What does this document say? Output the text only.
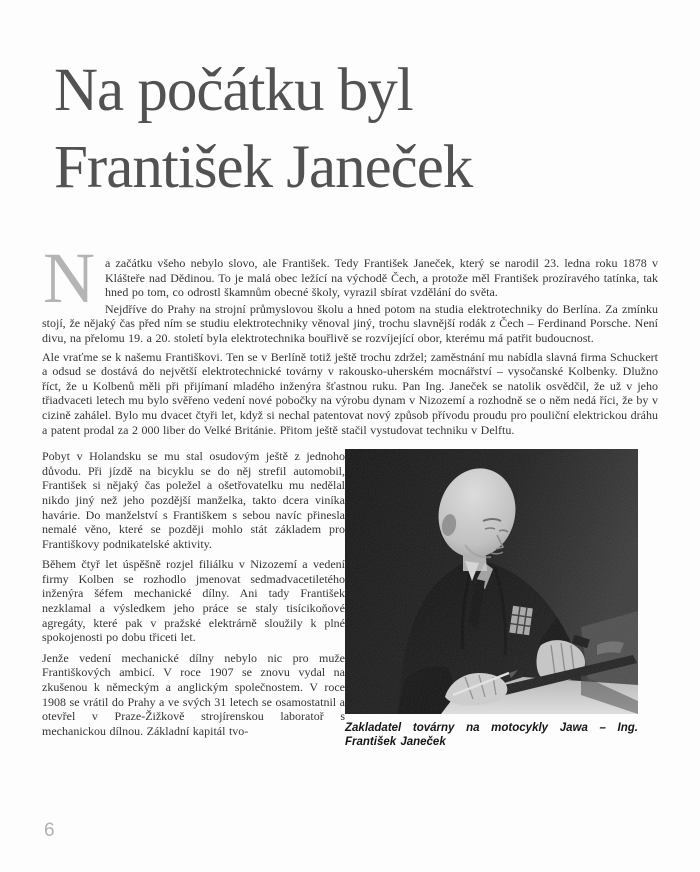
Na počátku byl
František Janeček

Na začátku všeho nebylo slovo, ale František. Tedy František Janeček, který se narodil 23. ledna roku 1878 v Klášteře nad Dědinou. To je malá obec ležící na východě Čech, a protože měl František prozíravého tatínka, tak hned po tom, co odrostl škamnům obecné školy, vyrazil sbírat vzdělání do světa.

Nejdříve do Prahy na strojní průmyslovou školu a hned potom na studia elektrotechniky do Berlína. Za zmínku stojí, že nějaký čas před ním se studiu elektrotechniky věnoval jiný, trochu slavnější rodák z Čech – Ferdinand Porsche. Není divu, na přelomu 19. a 20. století byla elektrotechnika bouřlivě se rozvíjející obor, kterému má patřit budoucnost.

Ale vraťme se k našemu Františkovi. Ten se v Berlíně totiž ještě trochu zdržel; zaměstnání mu nabídla slavná firma Schuckert a odsud se dostává do největší elektrotechnické továrny v rakousko-uherském mocnářství – vysočanské Kolbenky. Dlužno říct, že u Kolbenů měli při přijímaní mladého inženýra šťastnou ruku. Pan Ing. Janeček se natolik osvědčil, že už v jeho třiadvaceti letech mu bylo svěřeno vedení nové pobočky na výrobu dynam v Nizozemí a rozhodně se o něm nedá říci, že by v cizině zahálel. Bylo mu dvacet čtyři let, když si nechal patentovat nový způsob přívodu proudu pro pouliční elektrickou dráhu a patent prodal za 2 000 liber do Velké Británie. Přitom ještě stačil vystudovat techniku v Delftu.

Pobyt v Holandsku se mu stal osudovým ještě z jednoho důvodu. Při jízdě na bicyklu se do něj strefil automobil, František si nějaký čas poležel a ošetřovatelku mu nedělal nikdo jiný než jeho pozdější manželka, takto dcera viníka havárie. Do manželství s Františkem s sebou navíc přinesla nemalé věno, které se později mohlo stát základem pro Františkovy podnikatelské aktivity.

Během čtyř let úspěšně rozjel filiálku v Nizozemí a vedení firmy Kolben se rozhodlo jmenovat sedmadvacetiletého inženýra šéfem mechanické dílny. Ani tady František nezklamal a výsledkem jeho práce se staly tisícikoňové agregáty, které pak v pražské elektrárně sloužily k plné spokojenosti po dobu třiceti let.

Jenže vedení mechanické dílny nebylo nic pro muže Františkových ambicí. V roce 1907 se znovu vydal na zkušenou k německým a anglickým společnostem. V roce 1908 se vrátil do Prahy a ve svých 31 letech se osamostatnil a otevřel v Praze-Žižkově strojírenskou laboratoř s mechanickou dílnou. Základní kapitál tvo-	Zakladatel továrny na motocykly Jawa – Ing. František Janeček
6
